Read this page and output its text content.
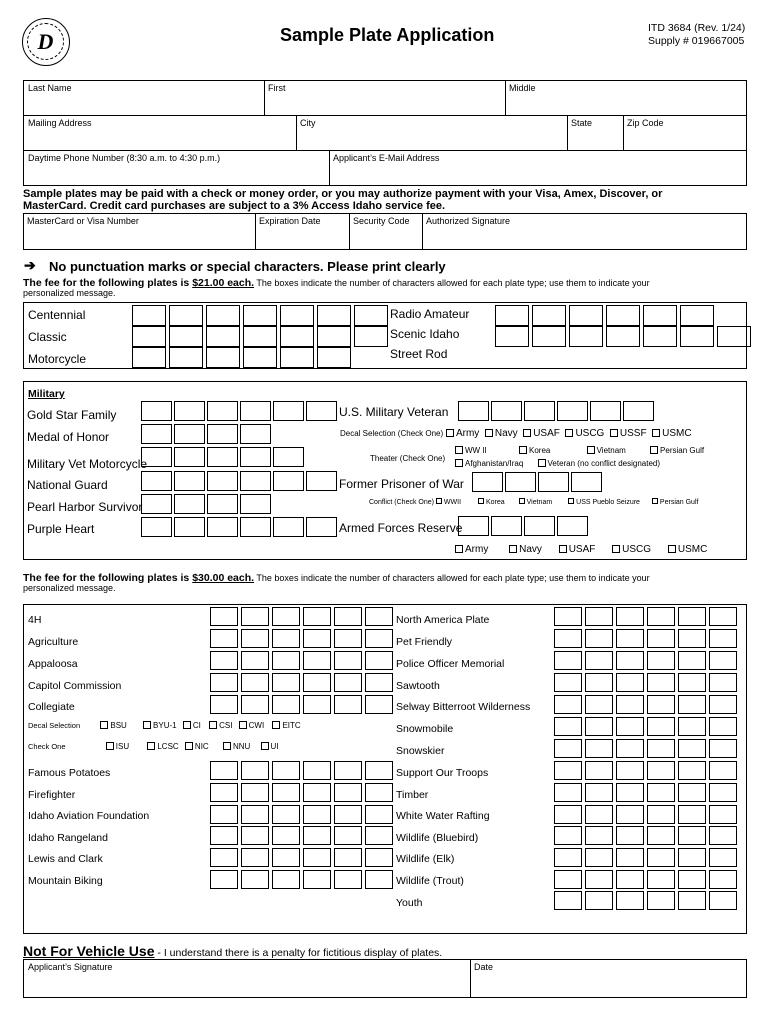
D	Sample Plate Application	ITD 3684 (Rev. 1/24)
Supply # 019667005
Last Name	First	Middle
Mailing Address	City	State	Zip Code
Daytime Phone Number (8:30 a.m. to 4:30 p.m.)	Applicant’s E-Mail Address
Sample plates may be paid with a check or money order, or you may authorize payment with your Visa, Amex, Discover, or
MasterCard. Credit card purchases are subject to a 3% Access Idaho service fee.
MasterCard or Visa Number	Expiration Date	Security Code Authorized Signature
➔ No punctuation marks or special characters. Please print clearly
The fee for the following plates is $21.00 each. The boxes indicate the number of characters allowed for each plate type; use them to indicate your
personalized message.
Centennial
Classic
Motorcycle
Radio Amateur
Scenic Idaho
Street Rod
Military
Gold Star Family
Medal of Honor
Military Vet Motorcycle
National Guard
Pearl Harbor Survivor
Purple Heart
U.S. Military Veteran
Decal Selection (Check One) Army Navy USAF USCG USSF USMC
Theater (Check One)
WW II	Korea	Vietnam	Persian Gulf
Afghanistan/Iraq	Veteran (no conflict designated)
Former Prisoner of War
Conflict (Check One) WWII	Korea	Vietnam	USS Pueblo Seizure	Persian Gulf
Armed Forces Reserve
Army	Navy	USAF	USCG	USMC
The fee for the following plates is $30.00 each. The boxes indicate the number of characters allowed for each plate type; use them to indicate your
personalized message.
4H
Agriculture
Appaloosa
Capitol Commission
Collegiate
Decal Selection	BSU	BYU-1 CI CSI CWI EITC
Check One	ISU	LCSC NIC	NNU	UI
Famous Potatoes
Firefighter
Idaho Aviation Foundation
Idaho Rangeland
Lewis and Clark
Mountain Biking
North America Plate
Pet Friendly
Police Officer Memorial
Sawtooth
Selway Bitterroot Wilderness
Snowmobile
Snowskier
Support Our Troops
Timber
White Water Rafting
Wildlife (Bluebird)
Wildlife (Elk)
Wildlife (Trout)
Youth
Not For Vehicle Use - I understand there is a penalty for fictitious display of plates.
Applicant’s Signature	Date
